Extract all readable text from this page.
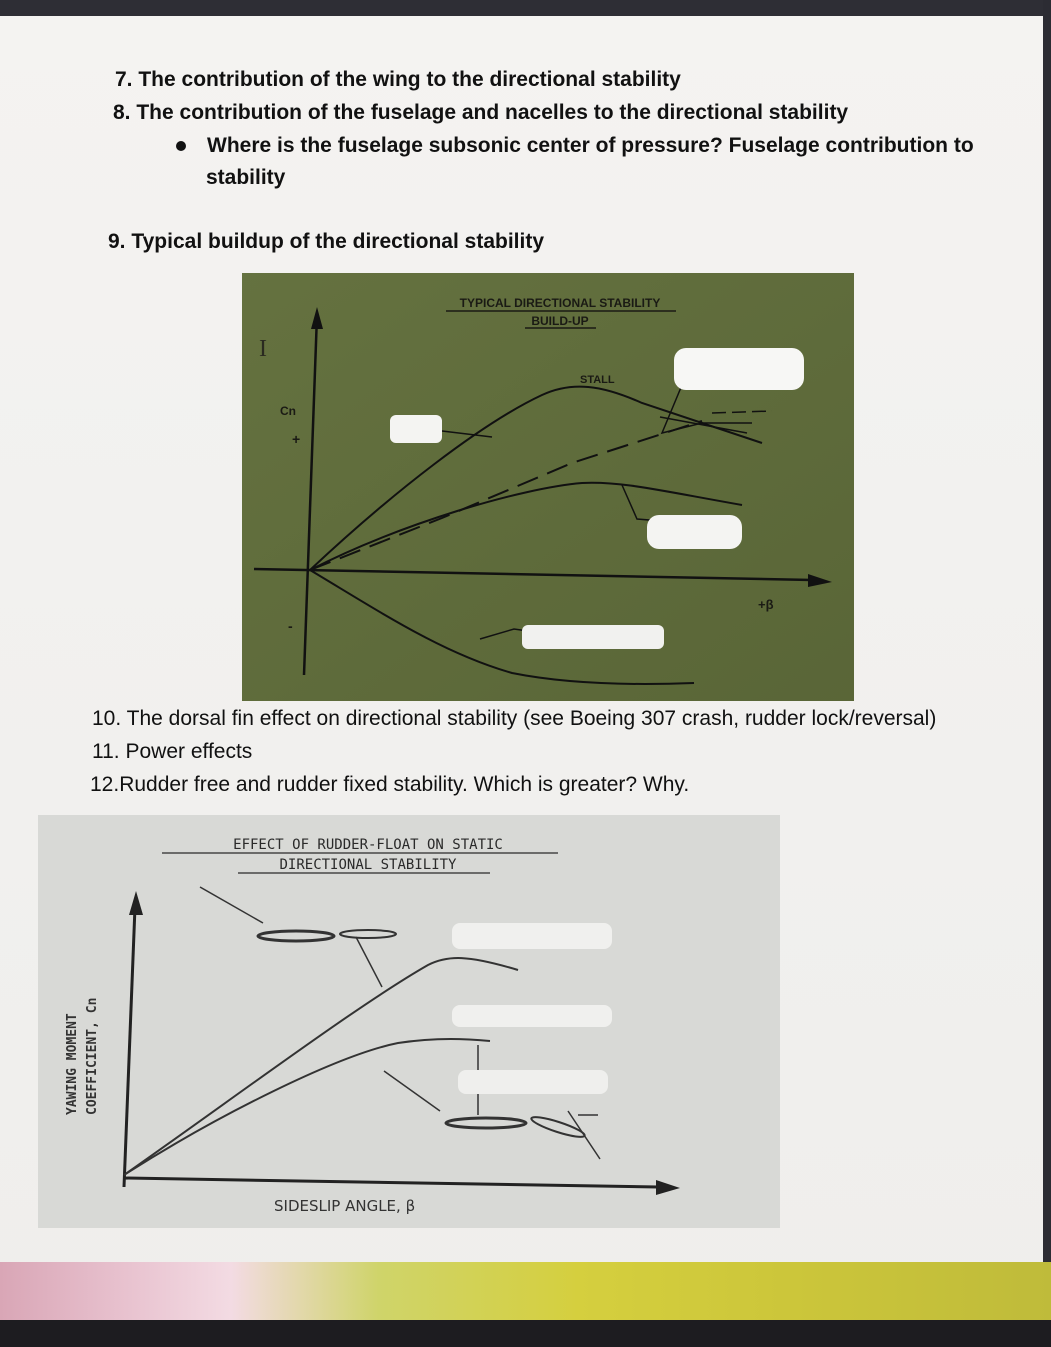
7. The contribution of the wing to the directional stability
8. The contribution of the fuselage and nacelles to the directional stability
Where is the fuselage subsonic center of pressure? Fuselage contribution to
stability
9. Typical buildup of the directional stability
TYPICAL DIRECTIONAL STABILITY
BUILD-UP
I
Cn
+
-
+β
STALL
10. The dorsal fin effect on directional stability (see Boeing 307 crash, rudder lock/reversal)
11. Power effects
12.Rudder free and rudder fixed stability. Which is greater? Why.
EFFECT OF RUDDER-FLOAT ON STATIC
DIRECTIONAL STABILITY
YAWING MOMENT COEFFICIENT, Cn
SIDESLIP ANGLE, β
